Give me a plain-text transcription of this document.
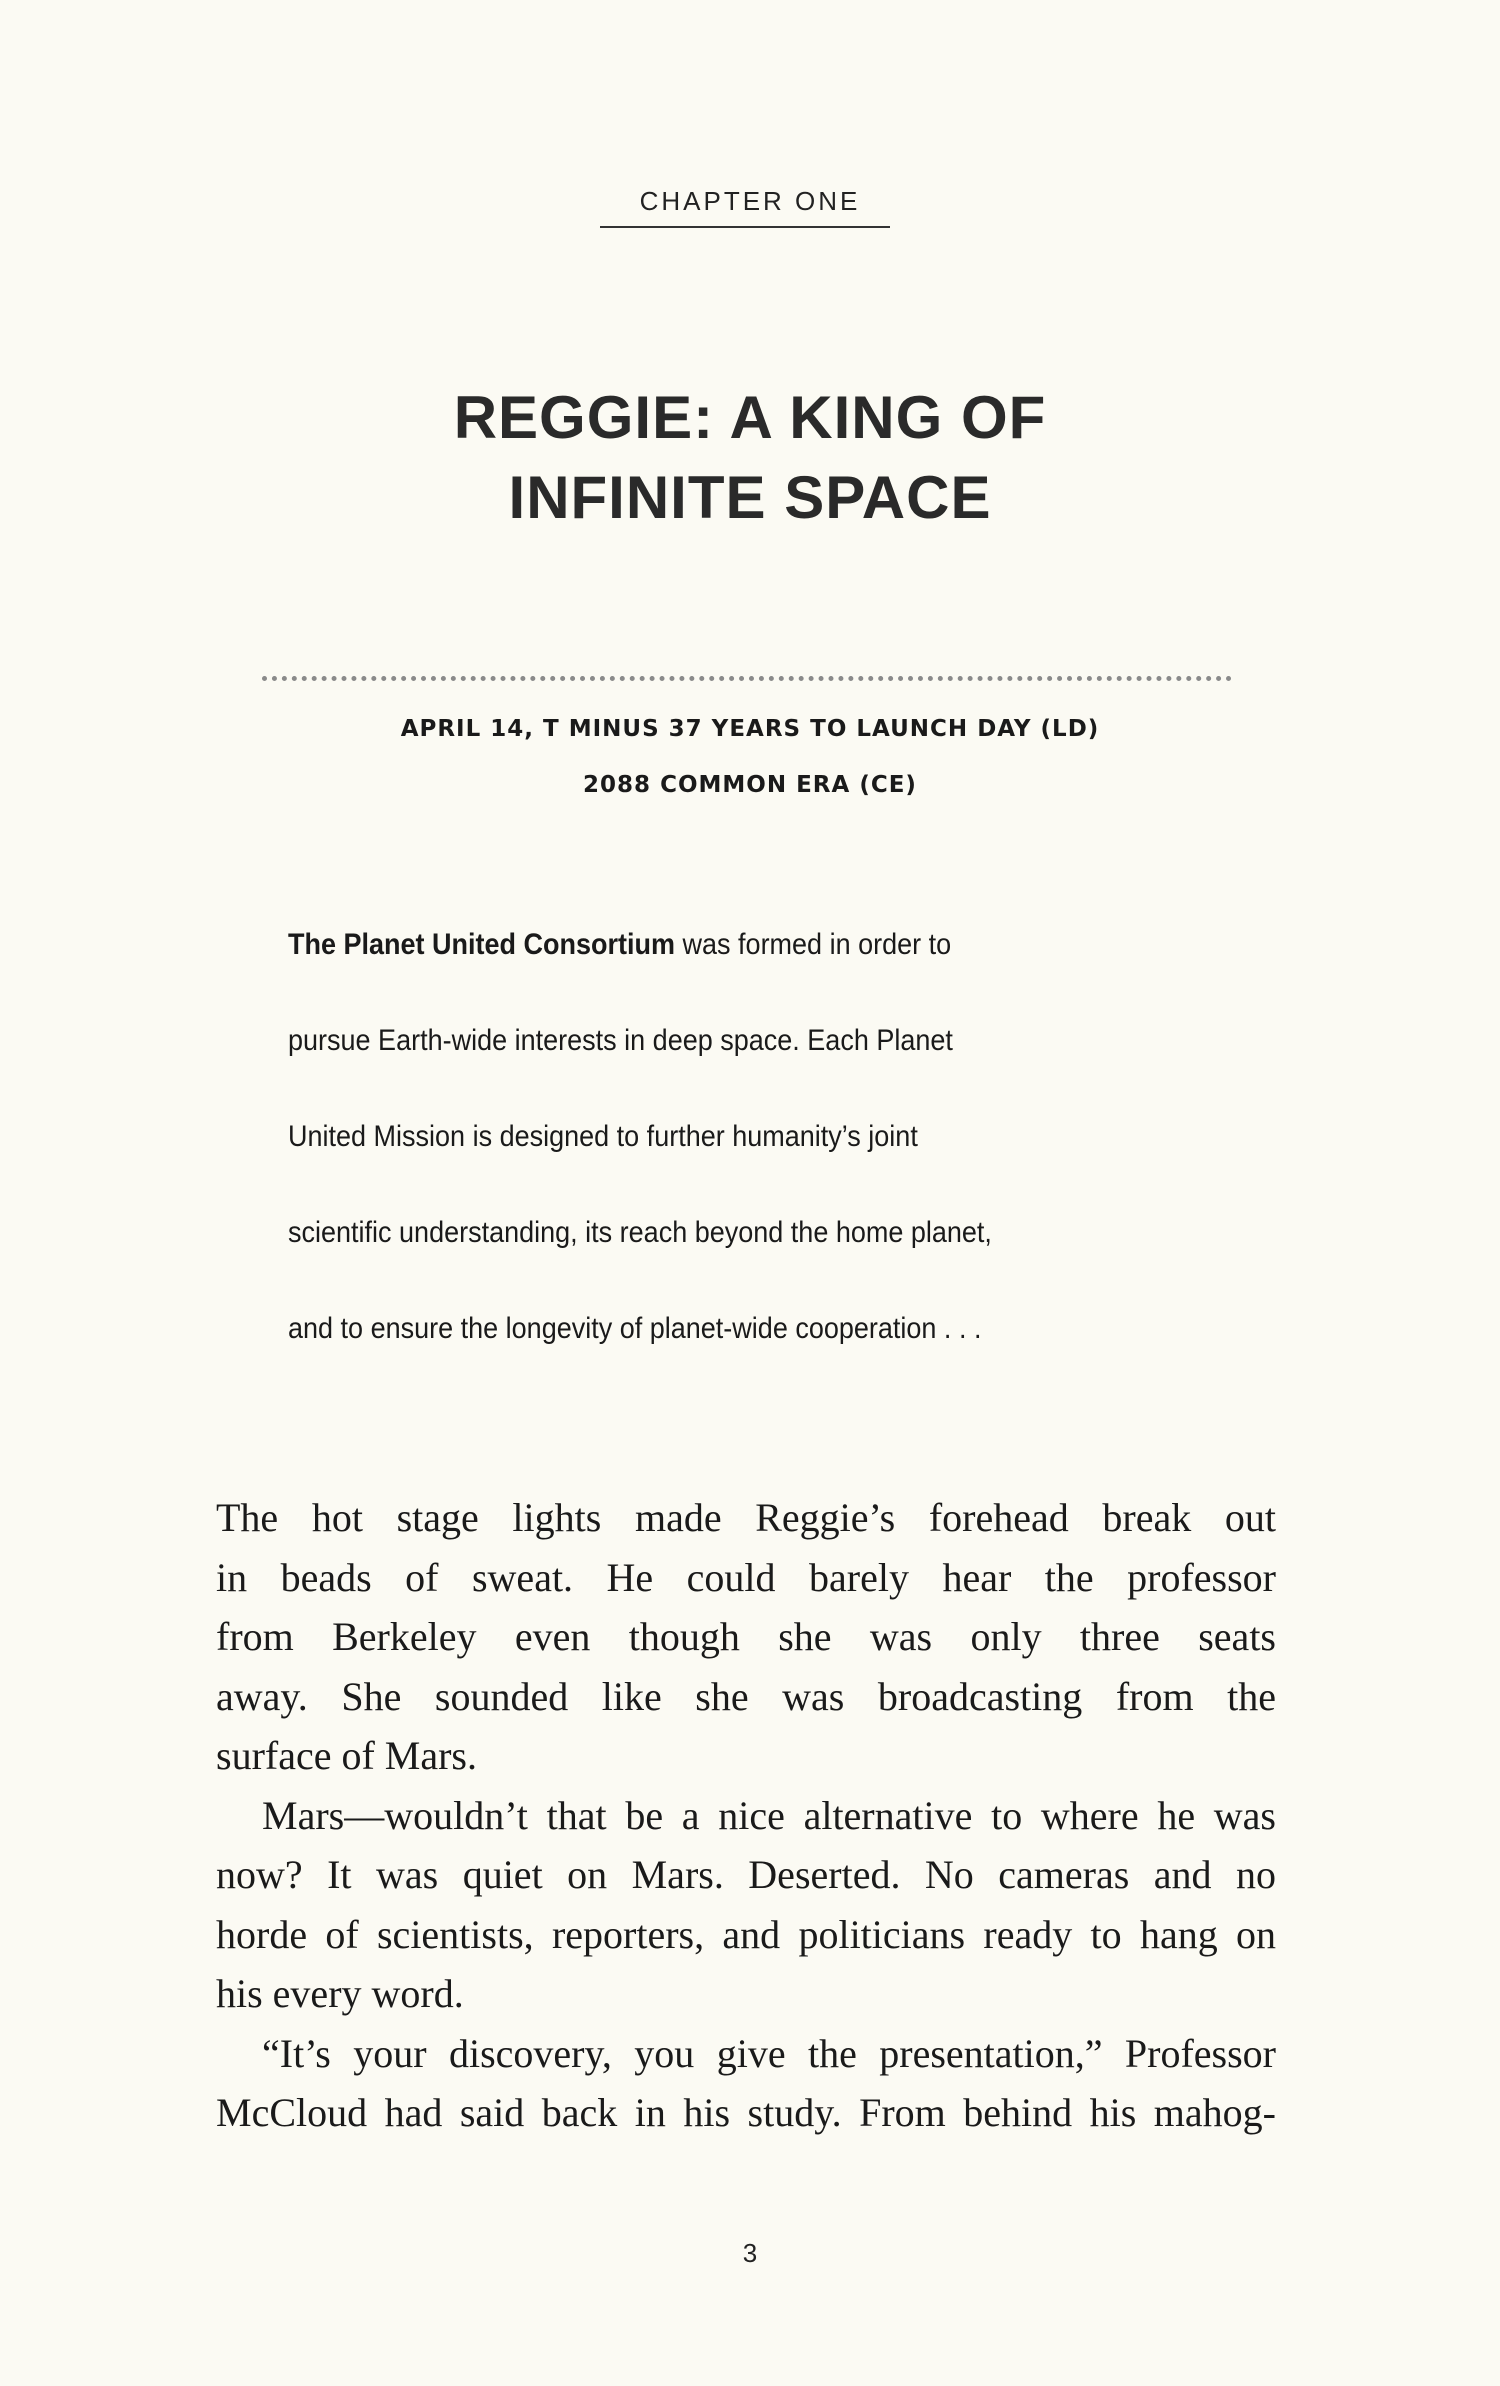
CHAPTER ONE
REGGIE: A KING OF
INFINITE SPACE
APRIL 14, T MINUS 37 YEARS TO LAUNCH DAY (LD)
2088 COMMON ERA (CE)
The Planet United Consortium was formed in order to
pursue Earth-wide interests in deep space. Each Planet
United Mission is designed to further humanity’s joint
scientific understanding, its reach beyond the home planet,
and to ensure the longevity of planet-wide cooperation . . .
The hot stage lights made Reggie’s forehead break out
in beads of sweat. He could barely hear the professor
from Berkeley even though she was only three seats
away. She sounded like she was broadcasting from the
surface of Mars.
Mars—wouldn’t that be a nice alternative to where he was
now? It was quiet on Mars. Deserted. No cameras and no
horde of scientists, reporters, and politicians ready to hang on
his every word.
“It’s your discovery, you give the presentation,” Professor
McCloud had said back in his study. From behind his mahog-
3
